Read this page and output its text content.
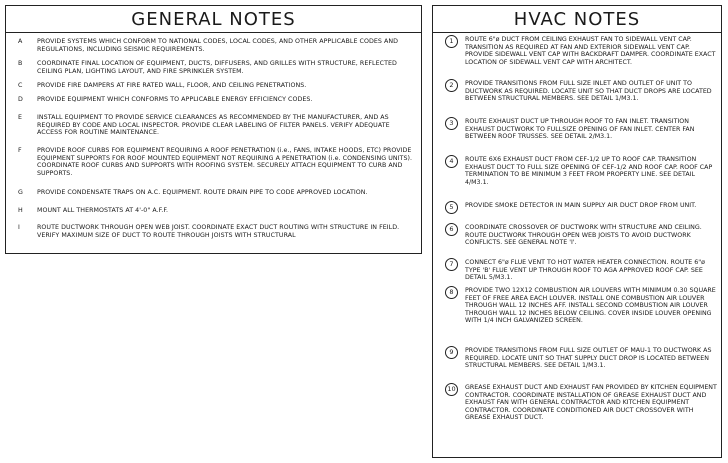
GENERAL NOTES
A PROVIDE SYSTEMS WHICH CONFORM TO NATIONAL CODES, LOCAL CODES, AND OTHER APPLICABLE CODES AND REGULATIONS, INCLUDING SEISMIC REQUIREMENTS.
B COORDINATE FINAL LOCATION OF EQUIPMENT, DUCTS, DIFFUSERS, AND GRILLES WITH STRUCTURE, REFLECTED CEILING PLAN, LIGHTING LAYOUT, AND FIRE SPRINKLER SYSTEM.
C PROVIDE FIRE DAMPERS AT FIRE RATED WALL, FLOOR, AND CEILING PENETRATIONS.
D PROVIDE EQUIPMENT WHICH CONFORMS TO APPLICABLE ENERGY EFFICIENCY CODES.
E INSTALL EQUIPMENT TO PROVIDE SERVICE CLEARANCES AS RECOMMENDED BY THE MANUFACTURER, AND AS REQUIRED BY CODE AND LOCAL INSPECTOR. PROVIDE CLEAR LABELING OF FILTER PANELS. VERIFY ADEQUATE ACCESS FOR ROUTINE MAINTENANCE.
F PROVIDE ROOF CURBS FOR EQUIPMENT REQUIRING A ROOF PENETRATION (i.e., FANS, INTAKE HOODS, ETC) PROVIDE EQUIPMENT SUPPORTS FOR ROOF MOUNTED EQUIPMENT NOT REQUIRING A PENETRATION (i.e. CONDENSING UNITS). COORDINATE ROOF CURBS AND SUPPORTS WITH ROOFING SYSTEM. SECURELY ATTACH EQUIPMENT TO CURB AND SUPPORTS.
G PROVIDE CONDENSATE TRAPS ON A.C. EQUIPMENT. ROUTE DRAIN PIPE TO CODE APPROVED LOCATION.
H MOUNT ALL THERMOSTATS AT 4'-0" A.F.F.
I	ROUTE DUCTWORK THROUGH OPEN WEB JOIST. COORDINATE EXACT DUCT ROUTING WITH STRUCTURE IN FEILD. VERIFY MAXIMUM SIZE OF DUCT TO ROUTE THROUGH JOISTS WITH STRUCTURAL
HVAC NOTES
1	ROUTE 6"ø DUCT FROM CEILING EXHAUST FAN TO SIDEWALL VENT CAP. TRANSITION AS REQUIRED AT FAN AND EXTERIOR SIDEWALL VENT CAP. PROVIDE SIDEWALL VENT CAP WITH BACKDRAFT DAMPER. COORDINATE EXACT LOCATION OF SIDEWALL VENT CAP WITH ARCHITECT.
2	PROVIDE TRANSITIONS FROM FULL SIZE INLET AND OUTLET OF UNIT TO DUCTWORK AS REQUIRED. LOCATE UNIT SO THAT DUCT DROPS ARE LOCATED BETWEEN STRUCTURAL MEMBERS. SEE DETAIL 1/M3.1.
3	ROUTE EXHAUST DUCT UP THROUGH ROOF TO FAN INLET. TRANSITION EXHAUST DUCTWORK TO FULLSIZE OPENING OF FAN INLET. CENTER FAN BETWEEN ROOF TRUSSES. SEE DETAIL 2/M3.1.
4	ROUTE 6X6 EXHAUST DUCT FROM CEF-1/2 UP TO ROOF CAP. TRANSITION EXHAUST DUCT TO FULL SIZE OPENING OF CEF-1/2 AND ROOF CAP. ROOF CAP TERMINATION TO BE MINIMUM 3 FEET FROM PROPERTY LINE. SEE DETAIL 4/M3.1.
5	PROVIDE SMOKE DETECTOR IN MAIN SUPPLY AIR DUCT DROP FROM UNIT.
6	COORDINATE CROSSOVER OF DUCTWORK WITH STRUCTURE AND CEILING. ROUTE DUCTWORK THROUGH OPEN WEB JOISTS TO AVOID DUCTWORK CONFLICTS. SEE GENERAL NOTE 'I'.
7	CONNECT 6"ø FLUE VENT TO HOT WATER HEATER CONNECTION. ROUTE 6"ø TYPE 'B' FLUE VENT UP THROUGH ROOF TO AGA APPROVED ROOF CAP. SEE DETAIL 5/M3.1.
8	PROVIDE TWO 12X12 COMBUSTION AIR LOUVERS WITH MINIMUM 0.30 SQUARE FEET OF FREE AREA EACH LOUVER. INSTALL ONE COMBUSTION AIR LOUVER THROUGH WALL 12 INCHES AFF. INSTALL SECOND COMBUSTION AIR LOUVER THROUGH WALL 12 INCHES BELOW CEILING. COVER INSIDE LOUVER OPENING WITH 1/4 INCH GALVANIZED SCREEN.
9	PROVIDE TRANSITIONS FROM FULL SIZE OUTLET OF MAU-1 TO DUCTWORK AS REQUIRED. LOCATE UNIT SO THAT SUPPLY DUCT DROP IS LOCATED BETWEEN STRUCTURAL MEMBERS. SEE DETAIL 1/M3.1.
10	GREASE EXHAUST DUCT AND EXHAUST FAN PROVIDED BY KITCHEN EQUIPMENT CONTRACTOR. COORDINATE INSTALLATION OF GREASE EXHAUST DUCT AND EXHAUST FAN WITH GENERAL CONTRACTOR AND KITCHEN EQUIPMENT CONTRACTOR. COORDINATE CONDITIONED AIR DUCT CROSSOVER WITH GREASE EXHAUST DUCT.
